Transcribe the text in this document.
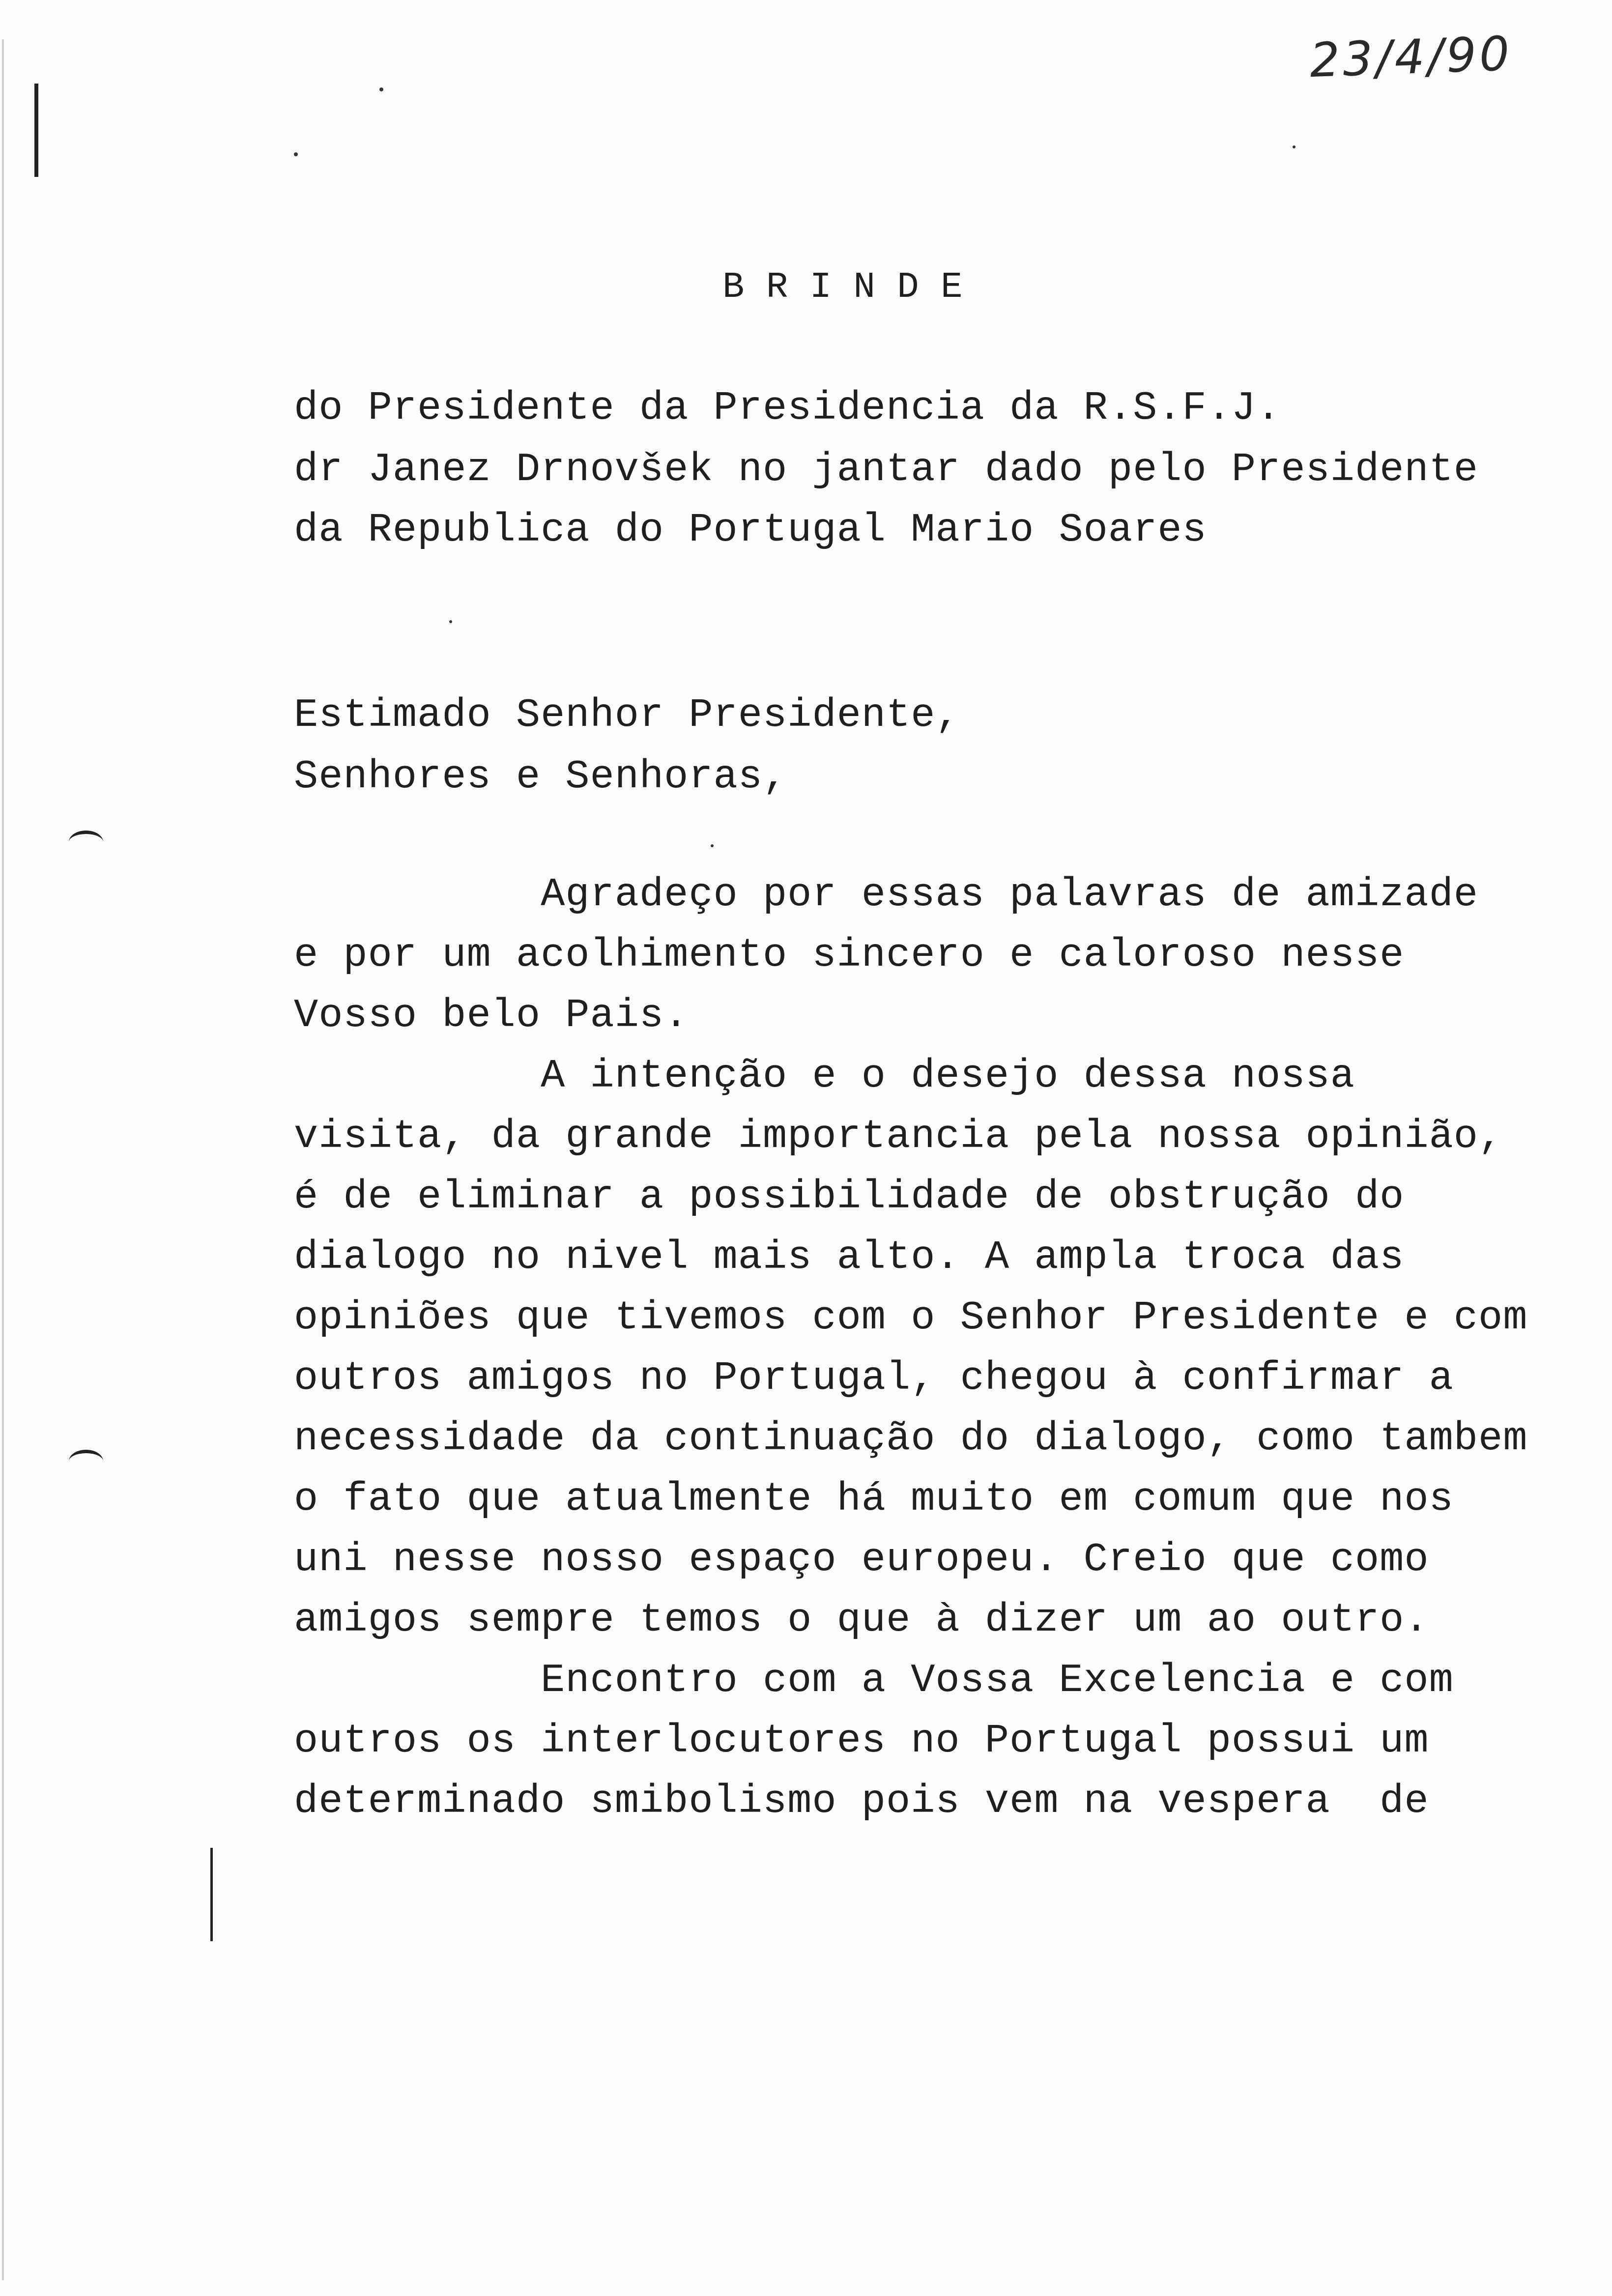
23/4/90
B R I N D E
do Presidente da Presidencia da R.S.F.J.
dr Janez Drnovšek no jantar dado pelo Presidente
da Republica do Portugal Mario Soares
Estimado Senhor Presidente,
Senhores e Senhoras,
Agradeço por essas palavras de amizade
e por um acolhimento sincero e caloroso nesse
Vosso belo Pais.
A intenção e o desejo dessa nossa
visita, da grande importancia pela nossa opinião,
é de eliminar a possibilidade de obstrução do
dialogo no nivel mais alto. A ampla troca das
opiniões que tivemos com o Senhor Presidente e com
outros amigos no Portugal, chegou à confirmar a
necessidade da continuação do dialogo, como tambem
o fato que atualmente há muito em comum que nos
uni nesse nosso espaço europeu. Creio que como
amigos sempre temos o que à dizer um ao outro.
Encontro com a Vossa Excelencia e com
outros os interlocutores no Portugal possui um
determinado smibolismo pois vem na vespera  de
